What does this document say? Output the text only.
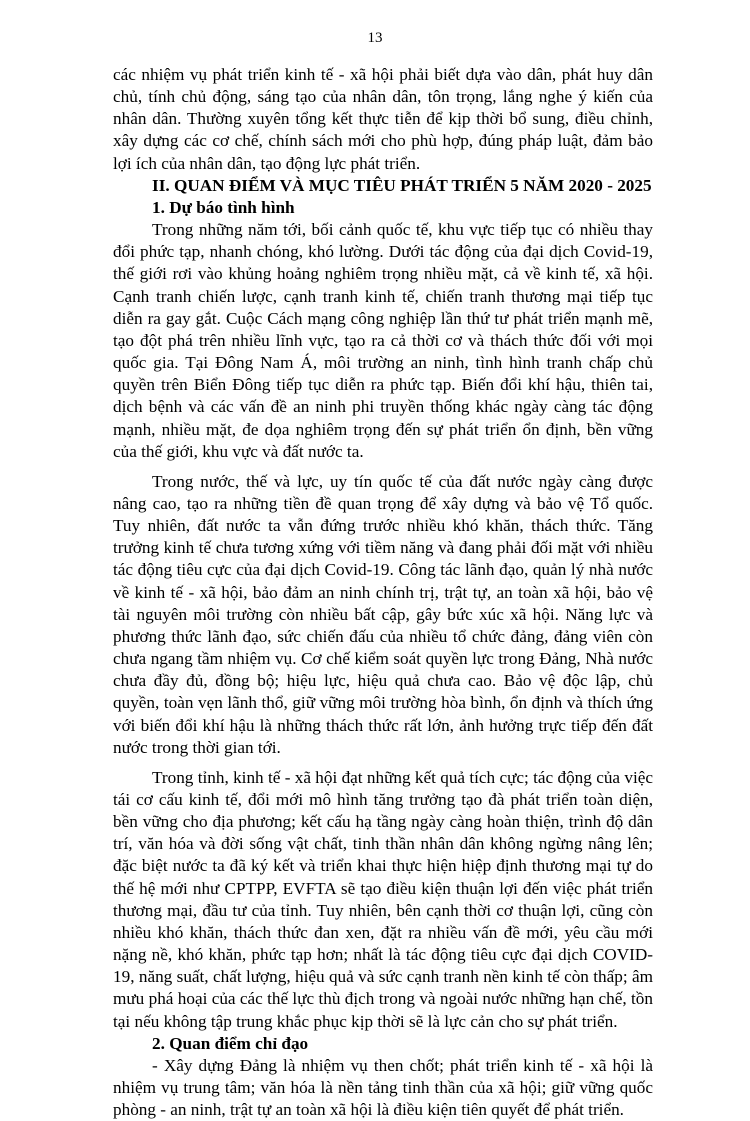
13

các nhiệm vụ phát triển kinh tế - xã hội phải biết dựa vào dân, phát huy dân chủ, tính chủ động, sáng tạo của nhân dân, tôn trọng, lắng nghe ý kiến của nhân dân. Thường xuyên tổng kết thực tiễn để kịp thời bổ sung, điều chỉnh, xây dựng các cơ chế, chính sách mới cho phù hợp, đúng pháp luật, đảm bảo lợi ích của nhân dân, tạo động lực phát triển.

II. QUAN ĐIỂM VÀ MỤC TIÊU PHÁT TRIỂN 5 NĂM 2020 - 2025
1. Dự báo tình hình

Trong những năm tới, bối cảnh quốc tế, khu vực tiếp tục có nhiều thay đổi phức tạp, nhanh chóng, khó lường. Dưới tác động của đại dịch Covid-19, thế giới rơi vào khủng hoảng nghiêm trọng nhiều mặt, cả về kinh tế, xã hội. Cạnh tranh chiến lược, cạnh tranh kinh tế, chiến tranh thương mại tiếp tục diễn ra gay gắt. Cuộc Cách mạng công nghiệp lần thứ tư phát triển mạnh mẽ, tạo đột phá trên nhiều lĩnh vực, tạo ra cả thời cơ và thách thức đối với mọi quốc gia. Tại Đông Nam Á, môi trường an ninh, tình hình tranh chấp chủ quyền trên Biển Đông tiếp tục diễn ra phức tạp. Biến đổi khí hậu, thiên tai, dịch bệnh và các vấn đề an ninh phi truyền thống khác ngày càng tác động mạnh, nhiều mặt, đe dọa nghiêm trọng đến sự phát triển ổn định, bền vững của thế giới, khu vực và đất nước ta.

Trong nước, thế và lực, uy tín quốc tế của đất nước ngày càng được nâng cao, tạo ra những tiền đề quan trọng để xây dựng và bảo vệ Tổ quốc. Tuy nhiên, đất nước ta vẫn đứng trước nhiều khó khăn, thách thức. Tăng trưởng kinh tế chưa tương xứng với tiềm năng và đang phải đối mặt với nhiều tác động tiêu cực của đại dịch Covid-19. Công tác lãnh đạo, quản lý nhà nước về kinh tế - xã hội, bảo đảm an ninh chính trị, trật tự, an toàn xã hội, bảo vệ tài nguyên môi trường còn nhiều bất cập, gây bức xúc xã hội. Năng lực và phương thức lãnh đạo, sức chiến đấu của nhiều tổ chức đảng, đảng viên còn chưa ngang tầm nhiệm vụ. Cơ chế kiểm soát quyền lực trong Đảng, Nhà nước chưa đầy đủ, đồng bộ; hiệu lực, hiệu quả chưa cao. Bảo vệ độc lập, chủ quyền, toàn vẹn lãnh thổ, giữ vững môi trường hòa bình, ổn định và thích ứng với biến đổi khí hậu là những thách thức rất lớn, ảnh hưởng trực tiếp đến đất nước trong thời gian tới.

Trong tỉnh, kinh tế - xã hội đạt những kết quả tích cực; tác động của việc tái cơ cấu kinh tế, đổi mới mô hình tăng trưởng tạo đà phát triển toàn diện, bền vững cho địa phương; kết cấu hạ tầng ngày càng hoàn thiện, trình độ dân trí, văn hóa và đời sống vật chất, tinh thần nhân dân không ngừng nâng lên; đặc biệt nước ta đã ký kết và triển khai thực hiện hiệp định thương mại tự do thế hệ mới như CPTPP, EVFTA sẽ tạo điều kiện thuận lợi đến việc phát triển thương mại, đầu tư của tỉnh. Tuy nhiên, bên cạnh thời cơ thuận lợi, cũng còn nhiều khó khăn, thách thức đan xen, đặt ra nhiều vấn đề mới, yêu cầu mới nặng nề, khó khăn, phức tạp hơn; nhất là tác động tiêu cực đại dịch COVID-19, năng suất, chất lượng, hiệu quả và sức cạnh tranh nền kinh tế còn thấp; âm mưu phá hoại của các thế lực thù địch trong và ngoài nước những hạn chế, tồn tại nếu không tập trung khắc phục kịp thời sẽ là lực cản cho sự phát triển.

2. Quan điểm chỉ đạo

- Xây dựng Đảng là nhiệm vụ then chốt; phát triển kinh tế - xã hội là nhiệm vụ trung tâm; văn hóa là nền tảng tinh thần của xã hội; giữ vững quốc phòng - an ninh, trật tự an toàn xã hội là điều kiện tiên quyết để phát triển.
